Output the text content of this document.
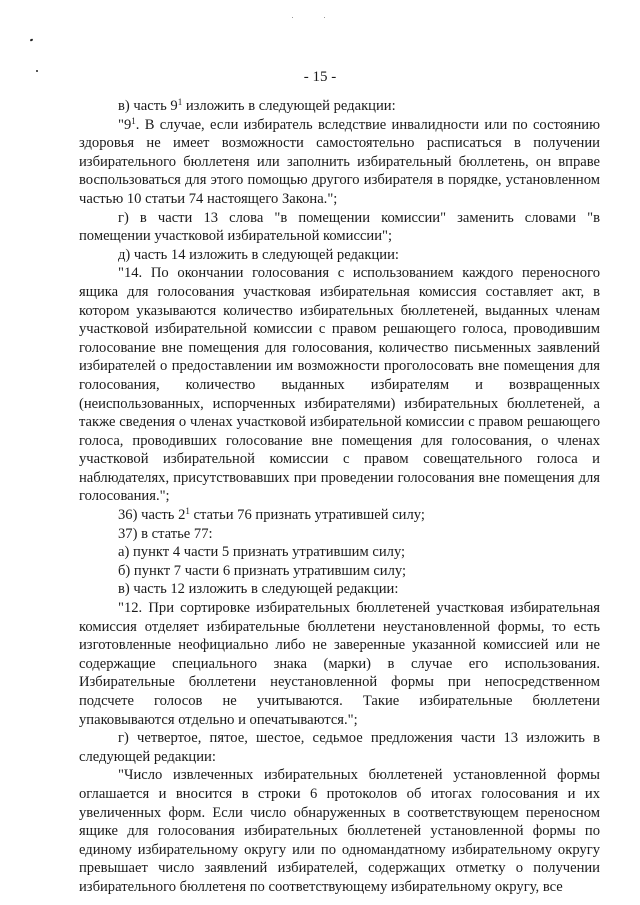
- 15 -

в) часть $9^1$ изложить в следующей редакции:

"$9^1$. В случае, если избиратель вследствие инвалидности или по состоянию здоровья не имеет возможности самостоятельно расписаться в получении избирательного бюллетеня или заполнить избирательный бюллетень, он вправе воспользоваться для этого помощью другого избирателя в порядке, установленном частью 10 статьи 74 настоящего Закона.";

г) в части 13 слова "в помещении комиссии" заменить словами "в помещении участковой избирательной комиссии";

д) часть 14 изложить в следующей редакции:

"14. По окончании голосования с использованием каждого переносного ящика для голосования участковая избирательная комиссия составляет акт, в котором указываются количество избирательных бюллетеней, выданных членам участковой избирательной комиссии с правом решающего голоса, проводившим голосование вне помещения для голосования, количество письменных заявлений избирателей о предоставлении им возможности проголосовать вне помещения для голосования, количество выданных избирателям и возвращенных (неиспользованных, испорченных избирателями) избирательных бюллетеней, а также сведения о членах участковой избирательной комиссии с правом решающего голоса, проводивших голосование вне помещения для голосования, о членах участковой избирательной комиссии с правом совещательного голоса и наблюдателях, присутствовавших при проведении голосования вне помещения для голосования.";

36) часть $2^1$ статьи 76 признать утратившей силу;

37) в статье 77:

а) пункт 4 части 5 признать утратившим силу;

б) пункт 7 части 6 признать утратившим силу;

в) часть 12 изложить в следующей редакции:

"12. При сортировке избирательных бюллетеней участковая избирательная комиссия отделяет избирательные бюллетени неустановленной формы, то есть изготовленные неофициально либо не заверенные указанной комиссией или не содержащие специального знака (марки) в случае его использования. Избирательные бюллетени неустановленной формы при непосредственном подсчете голосов не учитываются. Такие избирательные бюллетени упаковываются отдельно и опечатываются.";

г) четвертое, пятое, шестое, седьмое предложения части 13 изложить в следующей редакции:

"Число извлеченных избирательных бюллетеней установленной формы оглашается и вносится в строки 6 протоколов об итогах голосования и их увеличенных форм. Если число обнаруженных в соответствующем переносном ящике для голосования избирательных бюллетеней установленной формы по единому избирательному округу или по одномандатному избирательному округу превышает число заявлений избирателей, содержащих отметку о получении избирательного бюллетеня по соответствующему избирательному округу, все
